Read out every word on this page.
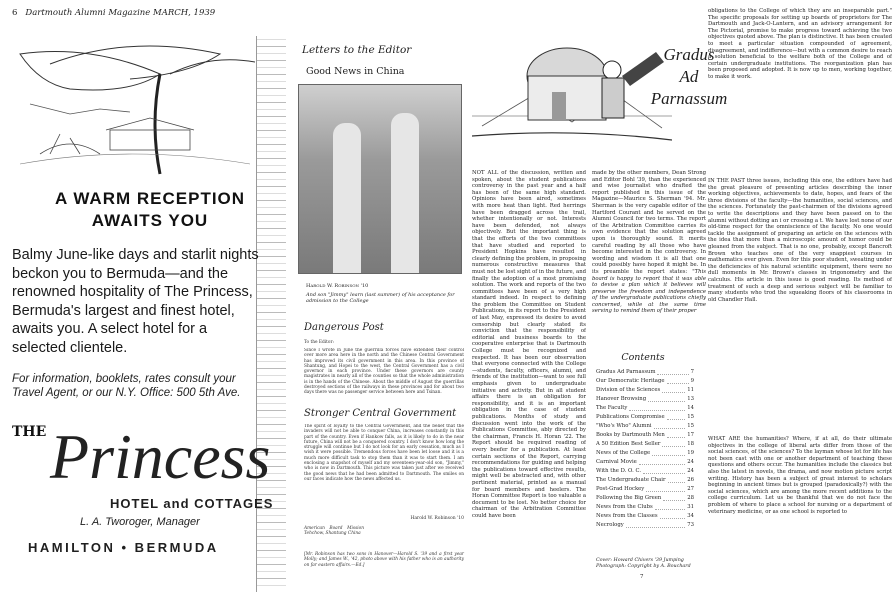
6 Dartmouth Alumni Magazine MARCH, 1939
A WARM RECEPTION
AWAITS YOU
Balmy June-like days and starlit nights beckon you to Bermuda—and the renowned hospitality of The Princess, Bermuda's largest and finest hotel, awaits you. A select hotel for a selected clientele.
For information, booklets, rates consult your Travel Agent, or our N.Y. Office: 500 5th Ave.
THE Princess
HOTEL and COTTAGES
L. A. Tworoger, Manager
HAMILTON • BERMUDA
Letters to the Editor
Good News in China
Harold W. Robinson '10
And son "Jimmy" learn (last summer) of his acceptance for admission to the College
Dangerous Post
To the Editor:
Since I wrote in June the guerrilla forces have extended their control over more area here in the north and the Chinese Central Government has improved its civil government in this area. In this province of Shantung, and Hopei to the west, the Central Government has a civil governor in each province. Under these governors are county magistrates in nearly all of the counties so that the whole administration is in the hands of the Chinese. About the middle of August the guerrillas destroyed sections of the railways in these provinces and for about two days there was no passenger service between here and Tsinan.
Stronger Central Government
The spirit of loyalty to the Central Government, and the belief that the invaders will not be able to conquer China, increases constantly in this part of the country. Even if Hankow falls, as it is likely to do in the near future, China will not be a conquered country. I don't know how long the struggle will continue but I do not look for an early cessation, much as I wish it were possible. Tremendous forces have been let loose and it is a much more difficult task to stop them than it was to start them. I am enclosing a snapshot of myself and my seventeen-year-old son, "Jimmy," who is now in Dartmouth. This picture was taken just after we received the good news that he had been admitted to Dartmouth. The smiles on our faces indicate how the news affected us.
Harold W. Robinson '10
American Board Mission Tehchow, Shantung China
[Mr. Robinson has two sons in Hanover—Harold S. '39 and a first year Molly; and James W., '42, photo above with his father who is an authority on far eastern affairs.—Ed.]
Gradus
Ad
Parnassum
NOT ALL of the discussion, written and spoken, about the student publications controversy in the past year and a half has been of the same high standard. Opinions have been aired, sometimes with more heat than light. Red herrings have been dragged across the trail, whether intentionally or not. Interests have been defended, not always objectively. But the important thing is that the efforts of the two committees that have studied and reported to President Hopkins have resulted in clearly defining the problem, in proposing numerous constructive measures that must not be lost sight of in the future, and finally the adoption of a most promising solution. The work and reports of the two committees have been of a very high standard indeed. In respect to defining the problem the Committee on Student Publications, in its report to the President of last May, expressed its desire to avoid censorship but clearly stated its conviction that the responsibility of editorial and business boards to the cooperative enterprise that is Dartmouth College must be recognized and respected. It has been our observation that everyone connected with the College—students, faculty, officers, alumni, and friends of the institution—want to see full emphasis given to undergraduate initiative and activity. But in all student affairs there is an obligation for responsibility, and it is an important obligation in the case of student publications. Months of study and discussion went into the work of the Publications Committee, ably directed by the chairman, Francis H. Horan '22. The Report should be required reading of every beefer for a publication. At least certain sections of the Report, carrying recommendations for guiding and helping the publications toward effective results, might well be abstracted and, with other pertinent material, printed as a manual for board members and heelers. The Horan Committee Report is too valuable a document to be lost. No better choice for chairman of the Arbitration Committee could have been
made by the other members, Dean Strong and Editor Bohl '39, than the experienced and wise journalist who drafted the report published in this issue of the Magazine—Maurice S. Sherman '94. Mr. Sherman is the very capable editor of the Hartford Courant and he served on the Alumni Council for two terms. The report of the Arbitration Committee carries its own evidence that the solution agreed upon is thoroughly sound. It merits careful reading by all those who have become interested in the controversy. In wording and wisdom it is all that one could possibly have hoped it might be. In its preamble the report states: "This board is happy to report that it was able to devise a plan which it believes will preserve the freedom and independence of the undergraduate publications chiefly concerned, while at the same time serving to remind them of their proper
Contents
Gradus Ad Parnassum	7
Our Democratic Heritage	9
Division of the Sciences	11
Hanover Browsing	13
The Faculty	14
Publications Compromise	15
"Who's Who" Alumni	15
Books by Dartmouth Men	17
A 50 Edition Best Seller	18
News of the College	19
Carnival Movie	24
With the D. O. C.	24
The Undergraduate Chair	26
Post-Grad Hockey	27
Following the Big Green	28
News from the Clubs	31
News from the Classes	34
Necrology	73
Cover: Howard Chivers '39 Jumping Photograph: Copyright by A. Bouchard
7
obligations to the College of which they are an inseparable part." The specific proposals for setting up boards of proprietors for The Dartmouth and Jack-O-Lantern, and an advisory arrangement for The Pictorial, promise to make progress toward achieving the two objectives quoted above. The plan is distinctive. It has been created to meet a particular situation compounded of agreement, disagreement, and indifference—but with a common desire to reach a solution beneficial to the welfare both of the College and of certain undergraduate institutions. The reorganization plan has been proposed and adopted. It is now up to men, working together, to make it work.
IN THE PAST three issues, including this one, the editors have had the great pleasure of presenting articles describing the inner working objectives, achievements to date, hopes, and fears of the three divisions of the faculty—the humanities, social sciences, and the sciences. Fortunately the past-chairmen of the divisions agreed to write the descriptions and they have been passed on to the alumni without dotting an i or crossing a t. We have lost none of our old-time respect for the omniscience of the faculty. No one would tackle the assignment of preparing an article on the sciences with the idea that more than a microscopic amount of humor could be gleaned from the subject. That is no one, probably, except Bancroft Brown who teaches one of the very snappiest courses in mathematics ever given. Even for this poor student, sweating under the deficiencies of his natural scientific equipment, there were no dull moments in Mr. Brown's classes in trigonometry and the calculus. His article in this issue is good reading. Its method of treatment of such a deep and serious subject will be familiar to many students who trod the squeaking floors of his classrooms in old Chandler Hall.
WHAT ARE the humanities? Where, if at all, do their ultimate objectives in the college of liberal arts differ from those of the social sciences, of the sciences? To the layman whose lot for life has not been cast with one or another department of teaching these questions and others occur. The humanities include the classics but also the latest in novels, the drama, and now motion picture script writing. History has been a subject of great interest to scholars beginning in ancient times but is grouped (paradoxically?) with the social sciences, which are among the more recent additions to the college curriculum. Let us be thankful that we do not face the problem of where to place a school for nursing or a department of veterinary medicine, or as one school is reported to
